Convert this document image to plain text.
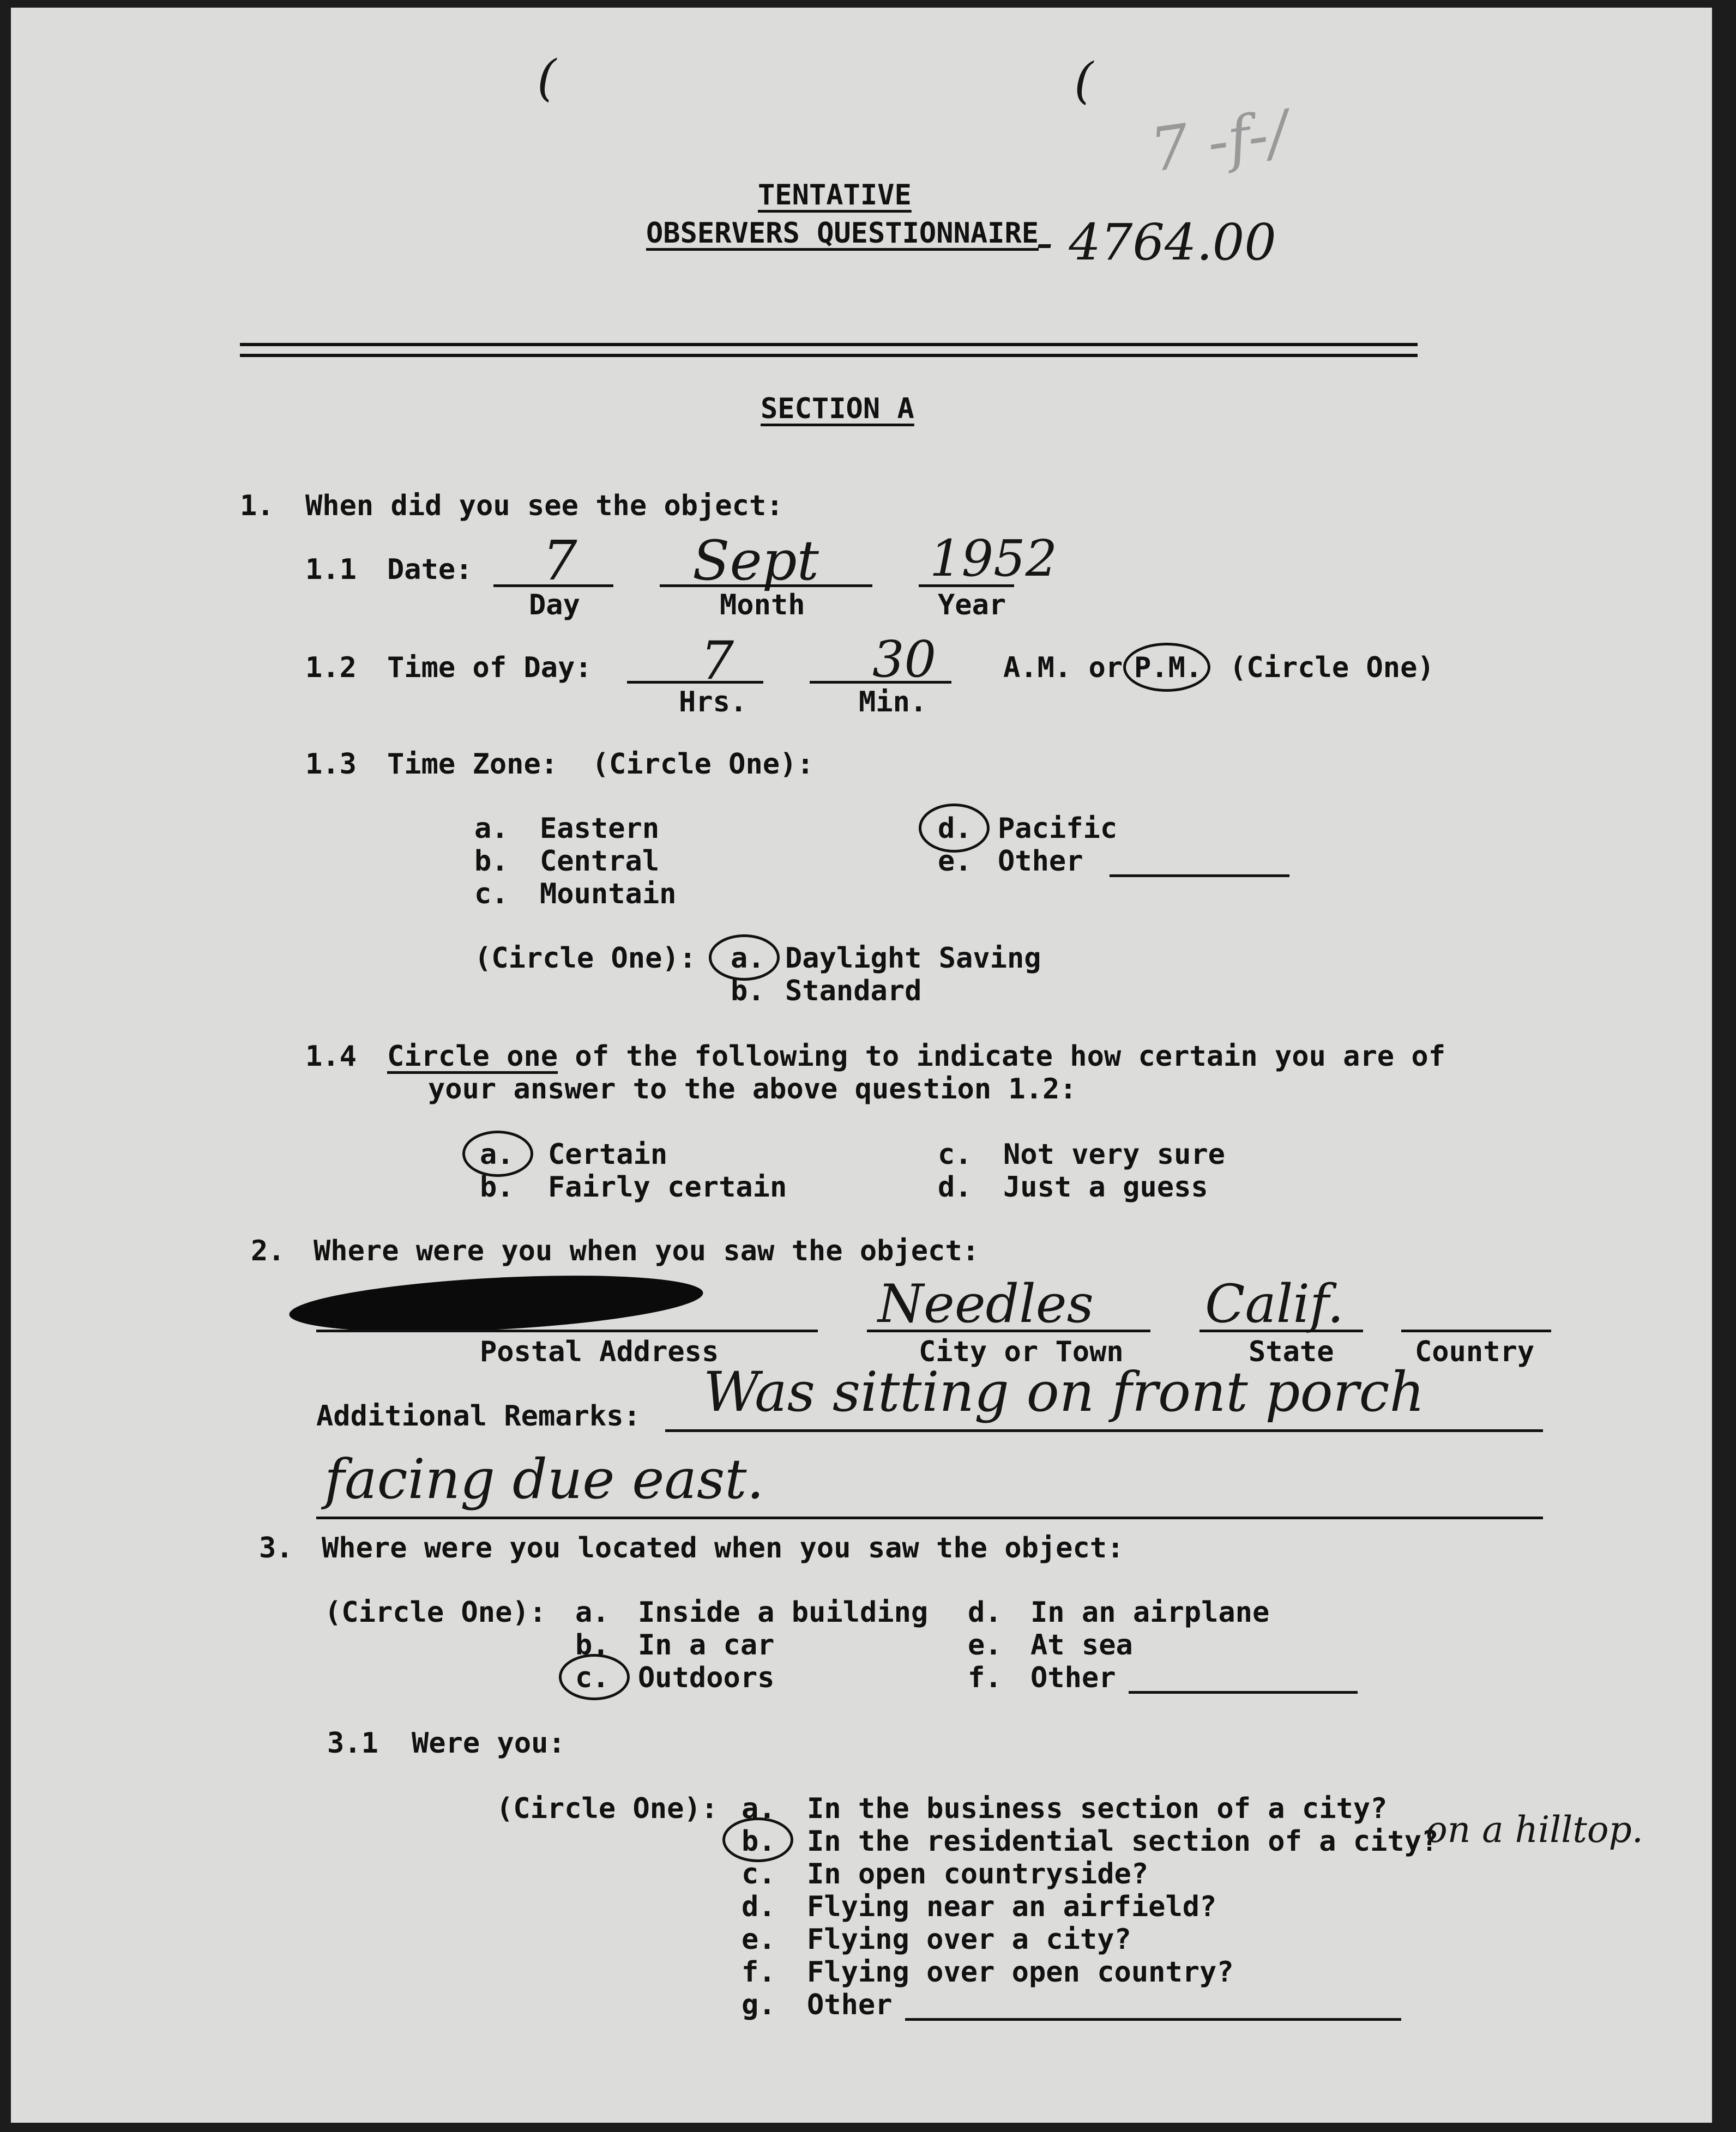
(	(
7 -f-/
TENTATIVE
OBSERVERS QUESTIONNAIRE
- 4764.00
SECTION A
1. When did you see the object:
1.1 Date: 7
Day
Sept
Month
1952
Year
1.2 Time of Day: 7
Hrs.
30
Min.
A.M. or P.M. (Circle One)
1.3 Time Zone:  (Circle One):
a. Eastern
b. Central
c. Mountain
d. Pacific
e. Other
(Circle One): a. Daylight Saving
b. Standard
1.4 Circle one of the following to indicate how certain you are of
your answer to the above question 1.2:
a. Certain
b. Fairly certain
c. Not very sure
d. Just a guess
2. Where were you when you saw the object:
Postal Address
Needles
City or Town
Calif.
State	Country
Additional Remarks: Was sitting on front porch
facing due east.
3. Where were you located when you saw the object:
(Circle One): a. Inside a building
b. In a car
c. Outdoors
d. In an airplane
e. At sea
f. Other
3.1 Were you:
(Circle One): a. In the business section of a city?
b. In the residential section of a city?
on a hilltop.
c. In open countryside?
d. Flying near an airfield?
e. Flying over a city?
f. Flying over open country?
g. Other
